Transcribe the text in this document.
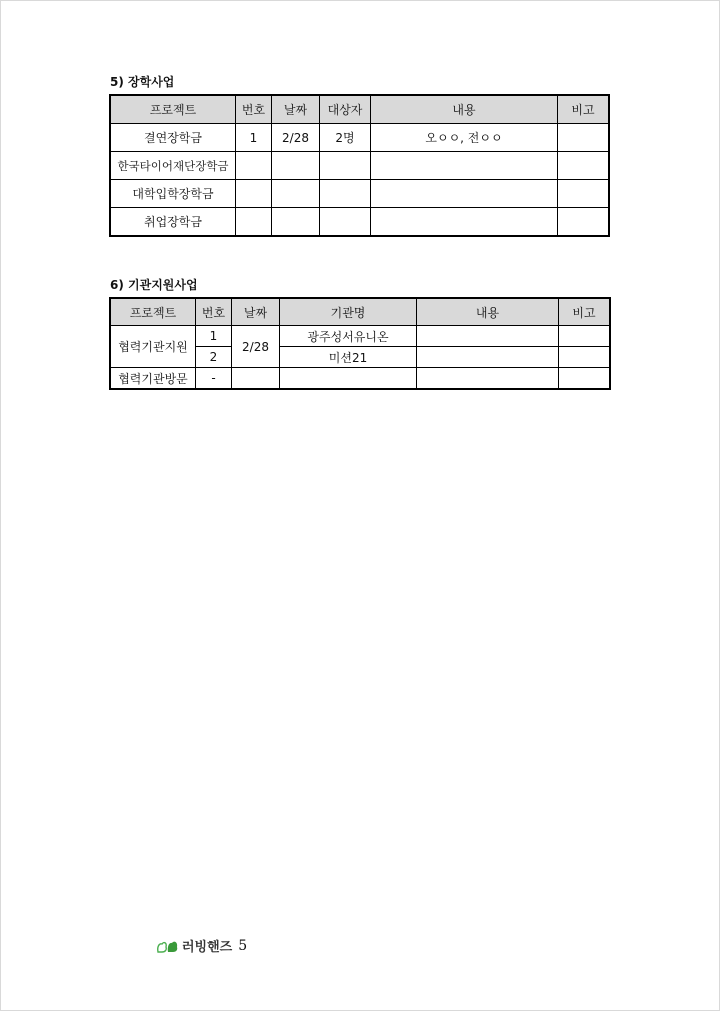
5) 장학사업
프로젝트	번호	날짜	대상자	내용	비고
결연장학금	1	2/28	2명	오ㅇㅇ, 전ㅇㅇ	
한국타이어재단장학금					
대학입학장학금					
취업장학금					
6) 기관지원사업
프로젝트	번호	날짜	기관명	내용	비고
협력기관지원	1	2/28	광주성서유니온		
	2		미션21		
협력기관방문	-				
러빙핸즈 5
